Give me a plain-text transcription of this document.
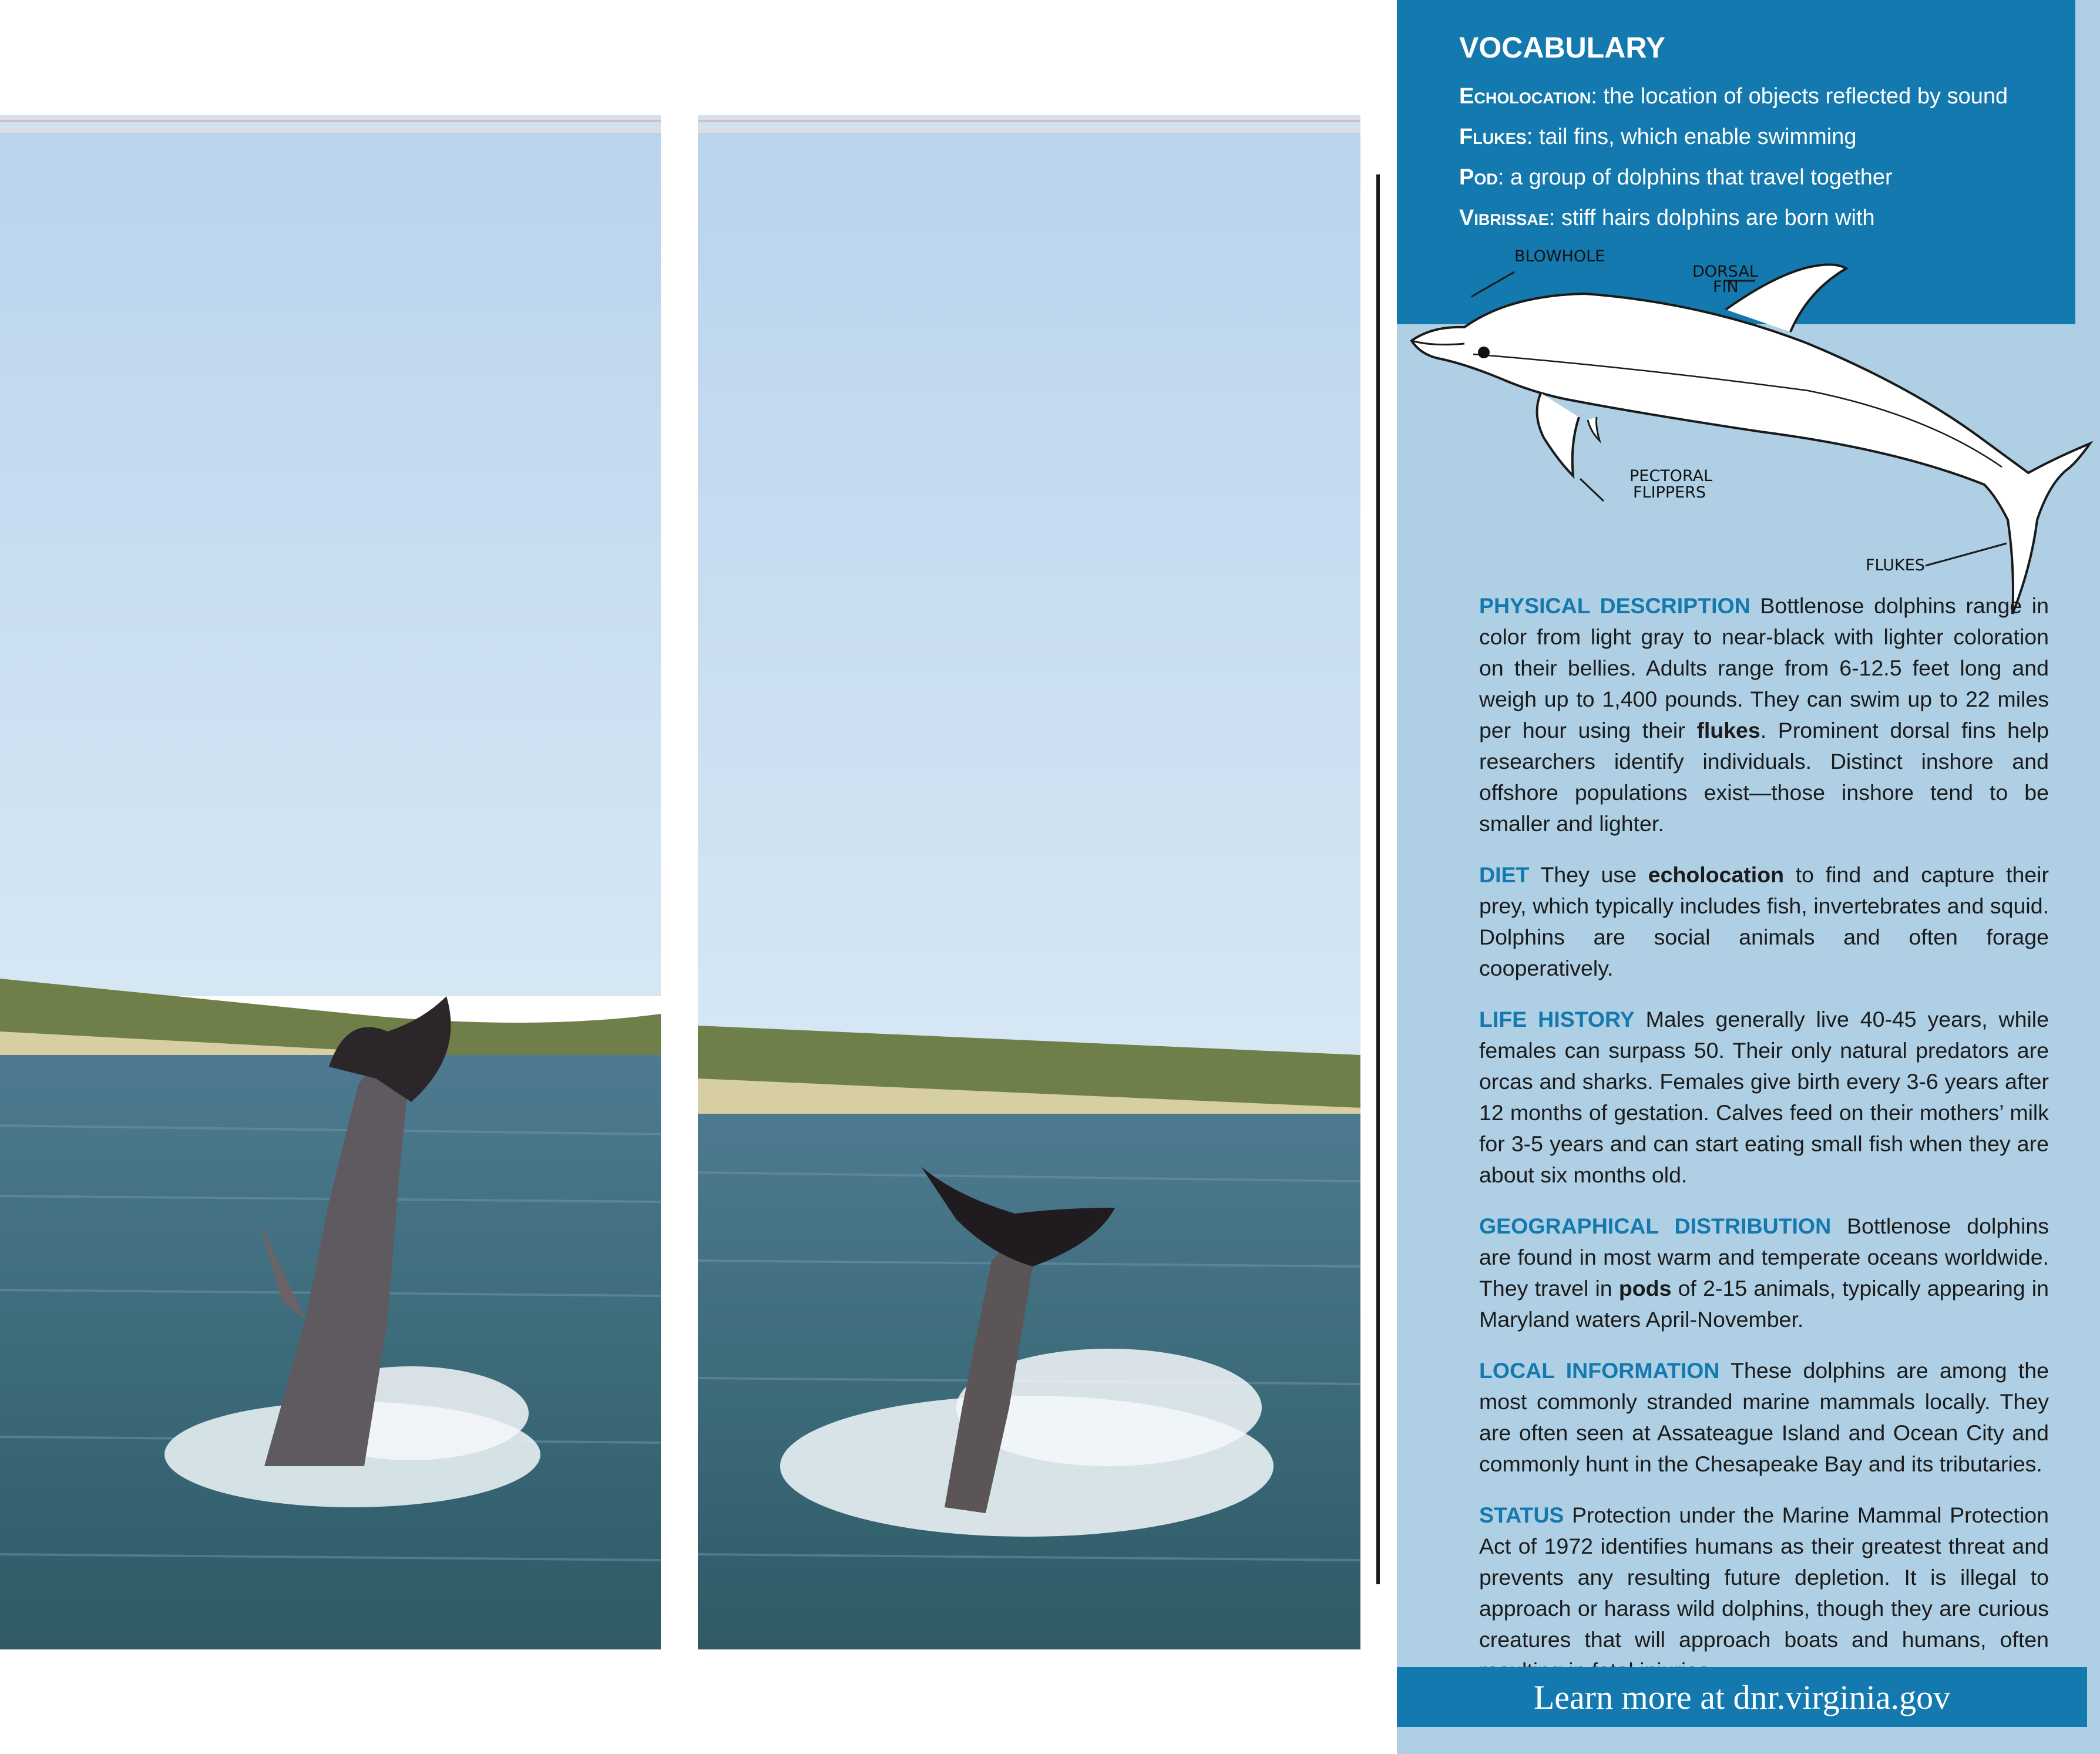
VOCABULARY
Echolocation: the location of objects reflected by sound
Flukes: tail fins, which enable swimming
Pod: a group of dolphins that travel together
Vibrissae: stiff hairs dolphins are born with
BLOWHOLE
DORSAL
FIN
PECTORAL
FLIPPERS
FLUKES

PHYSICAL DESCRIPTION Bottlenose dolphins range in color from light gray to near-black with lighter coloration on their bellies. Adults range from 6-12.5 feet long and weigh up to 1,400 pounds. They can swim up to 22 miles per hour using their flukes. Prominent dorsal fins help researchers identify individuals. Distinct inshore and offshore populations exist—those inshore tend to be smaller and lighter.

DIET They use echolocation to find and capture their prey, which typically includes fish, invertebrates and squid. Dolphins are social animals and often forage cooperatively.

LIFE HISTORY Males generally live 40-45 years, while females can surpass 50. Their only natural predators are orcas and sharks. Females give birth every 3-6 years after 12 months of gestation. Calves feed on their mothers’ milk for 3-5 years and can start eating small fish when they are about six months old.

GEOGRAPHICAL DISTRIBUTION Bottlenose dolphins are found in most warm and temperate oceans worldwide. They travel in pods of 2-15 animals, typically appearing in Maryland waters April-November.

LOCAL INFORMATION These dolphins are among the most commonly stranded marine mammals locally. They are often seen at Assateague Island and Ocean City and commonly hunt in the Chesapeake Bay and its tributaries.

STATUS Protection under the Marine Mammal Protection Act of 1972 identifies humans as their greatest threat and prevents any resulting future depletion. It is illegal to approach or harass wild dolphins, though they are curious creatures that will approach boats and humans, often

Learn more at dnr.virginia.gov
